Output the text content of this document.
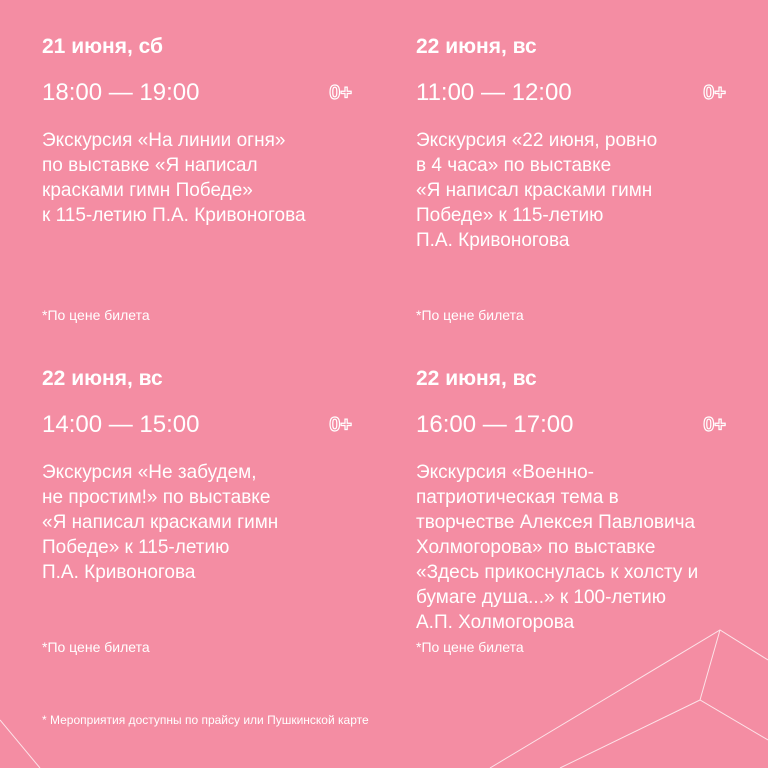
21 июня, сб
18:00 — 19:00	0+
Экскурсия «На линии огня»
по выставке «Я написал
красками гимн Победе»
к 115-летию П.А. Кривоногова
*По цене билета
22 июня, вс
11:00 — 12:00	0+
Экскурсия «22 июня, ровно
в 4 часа» по выставке
«Я написал красками гимн
Победе» к 115-летию
П.А. Кривоногова
*По цене билета
22 июня, вс
14:00 — 15:00	0+
Экскурсия «Не забудем,
не простим!» по выставке
«Я написал красками гимн
Победе» к 115-летию
П.А. Кривоногова
*По цене билета
22 июня, вс
16:00 — 17:00	0+
Экскурсия «Военно-
патриотическая тема в
творчестве Алексея Павловича
Холмогорова» по выставке
«Здесь прикоснулась к холсту и
бумаге душа...» к 100-летию
А.П. Холмогорова
*По цене билета
* Мероприятия доступны по прайсу или Пушкинской карте
